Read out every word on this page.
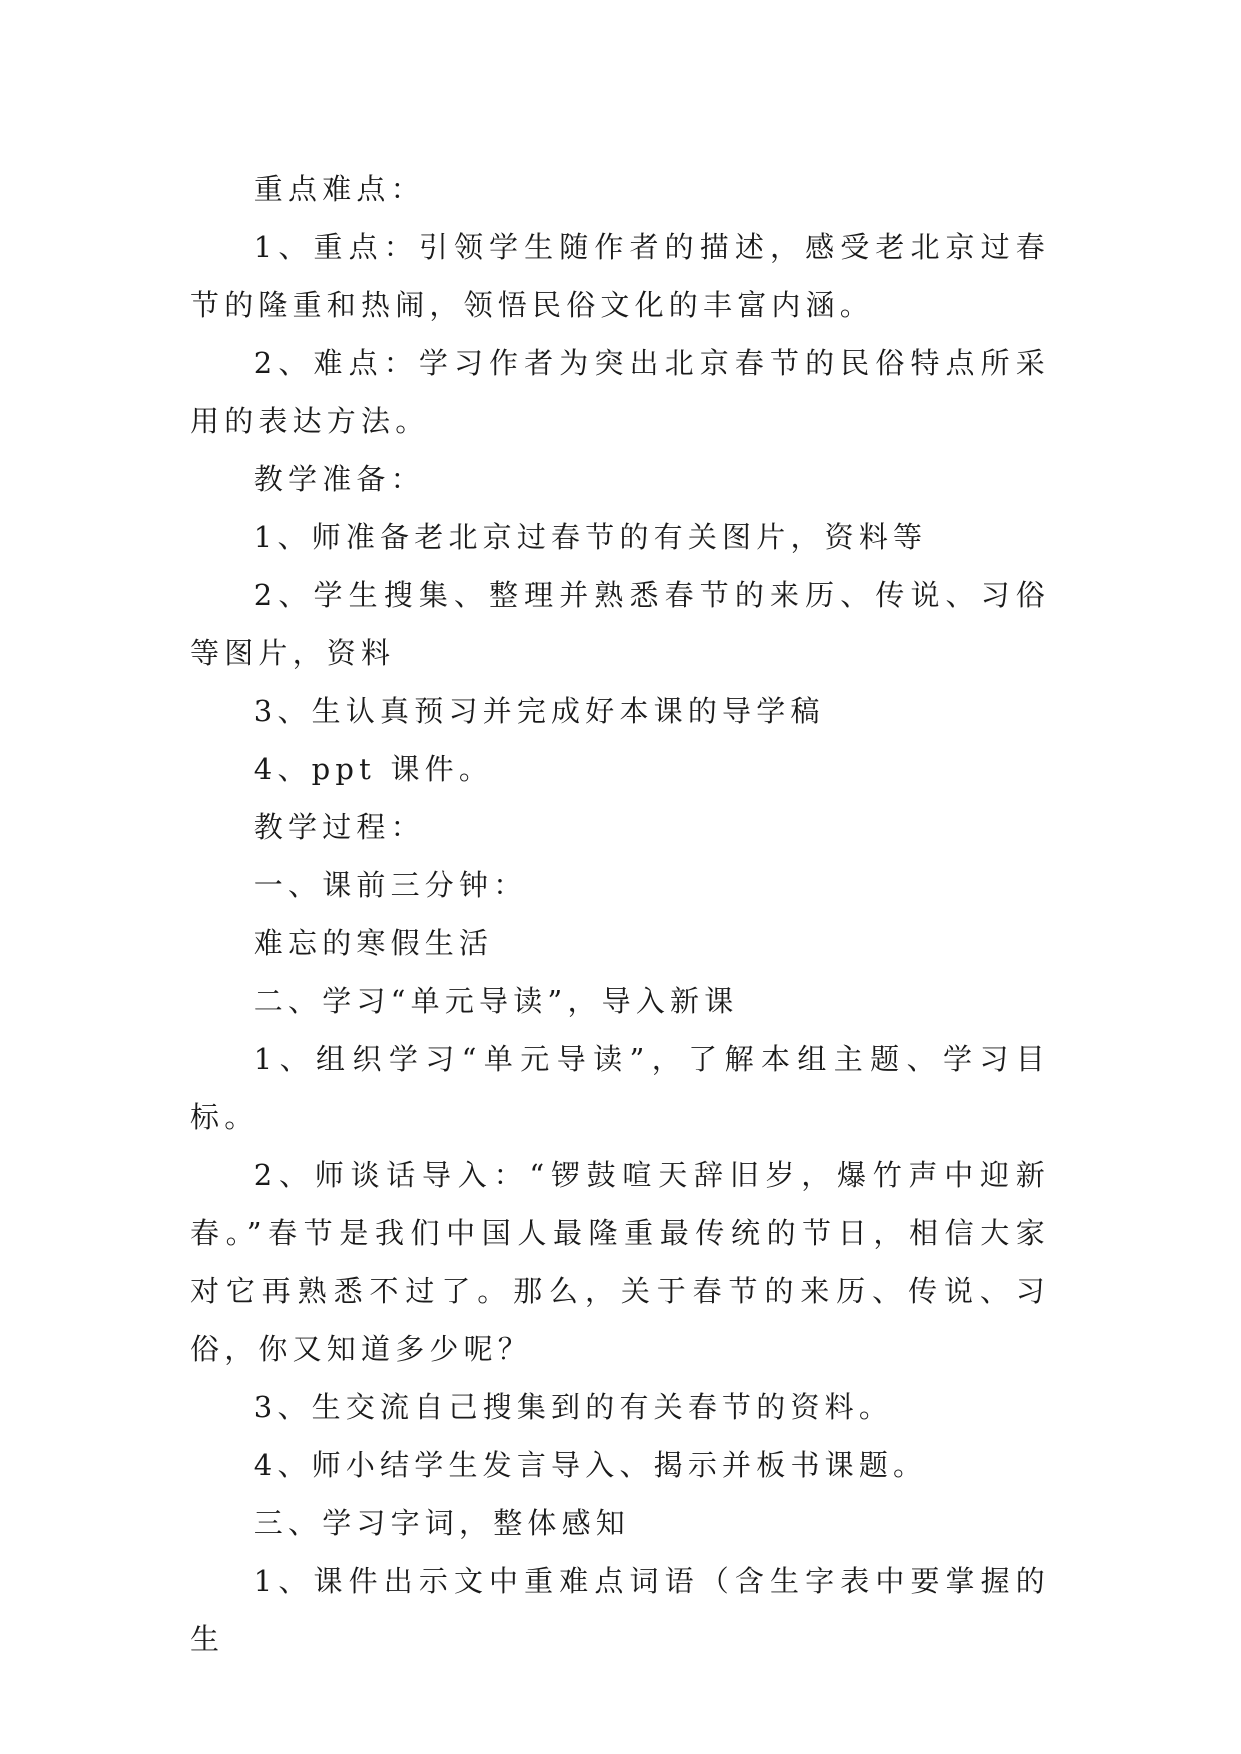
重点难点：

1、重点：引领学生随作者的描述，感受老北京过春节的隆重和热闹，领悟民俗文化的丰富内涵。

2、难点：学习作者为突出北京春节的民俗特点所采用的表达方法。

教学准备：

1、师准备老北京过春节的有关图片，资料等

2、学生搜集、整理并熟悉春节的来历、传说、习俗等图片，资料

3、生认真预习并完成好本课的导学稿

4、ppt 课件。

教学过程：

一、课前三分钟：

难忘的寒假生活

二、学习“单元导读”，导入新课

1、组织学习“单元导读”，了解本组主题、学习目标。

2、师谈话导入：“锣鼓喧天辞旧岁，爆竹声中迎新春。”春节是我们中国人最隆重最传统的节日，相信大家对它再熟悉不过了。那么，关于春节的来历、传说、习俗，你又知道多少呢？

3、生交流自己搜集到的有关春节的资料。

4、师小结学生发言导入、揭示并板书课题。

三、学习字词，整体感知

1、课件出示文中重难点词语（含生字表中要掌握的生
